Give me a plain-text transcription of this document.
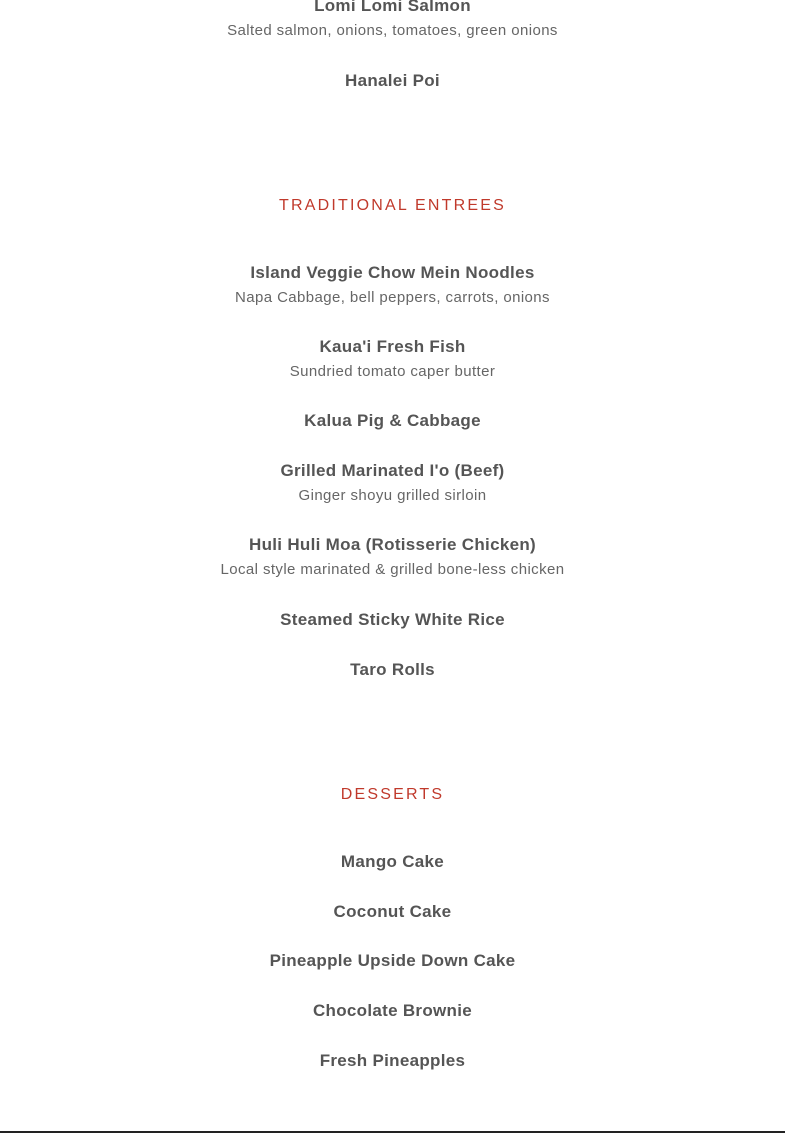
Lomi Lomi Salmon

Salted salmon, onions, tomatoes, green onions

Hanalei Poi

TRADITIONAL ENTREES

Island Veggie Chow Mein Noodles

Napa Cabbage, bell peppers, carrots, onions

Kaua'i Fresh Fish

Sundried tomato caper butter

Kalua Pig & Cabbage

Grilled Marinated I'o (Beef)

Ginger shoyu grilled sirloin

Huli Huli Moa (Rotisserie Chicken)

Local style marinated & grilled bone-less chicken

Steamed Sticky White Rice

Taro Rolls

DESSERTS

Mango Cake

Coconut Cake

Pineapple Upside Down Cake

Chocolate Brownie

Fresh Pineapples
